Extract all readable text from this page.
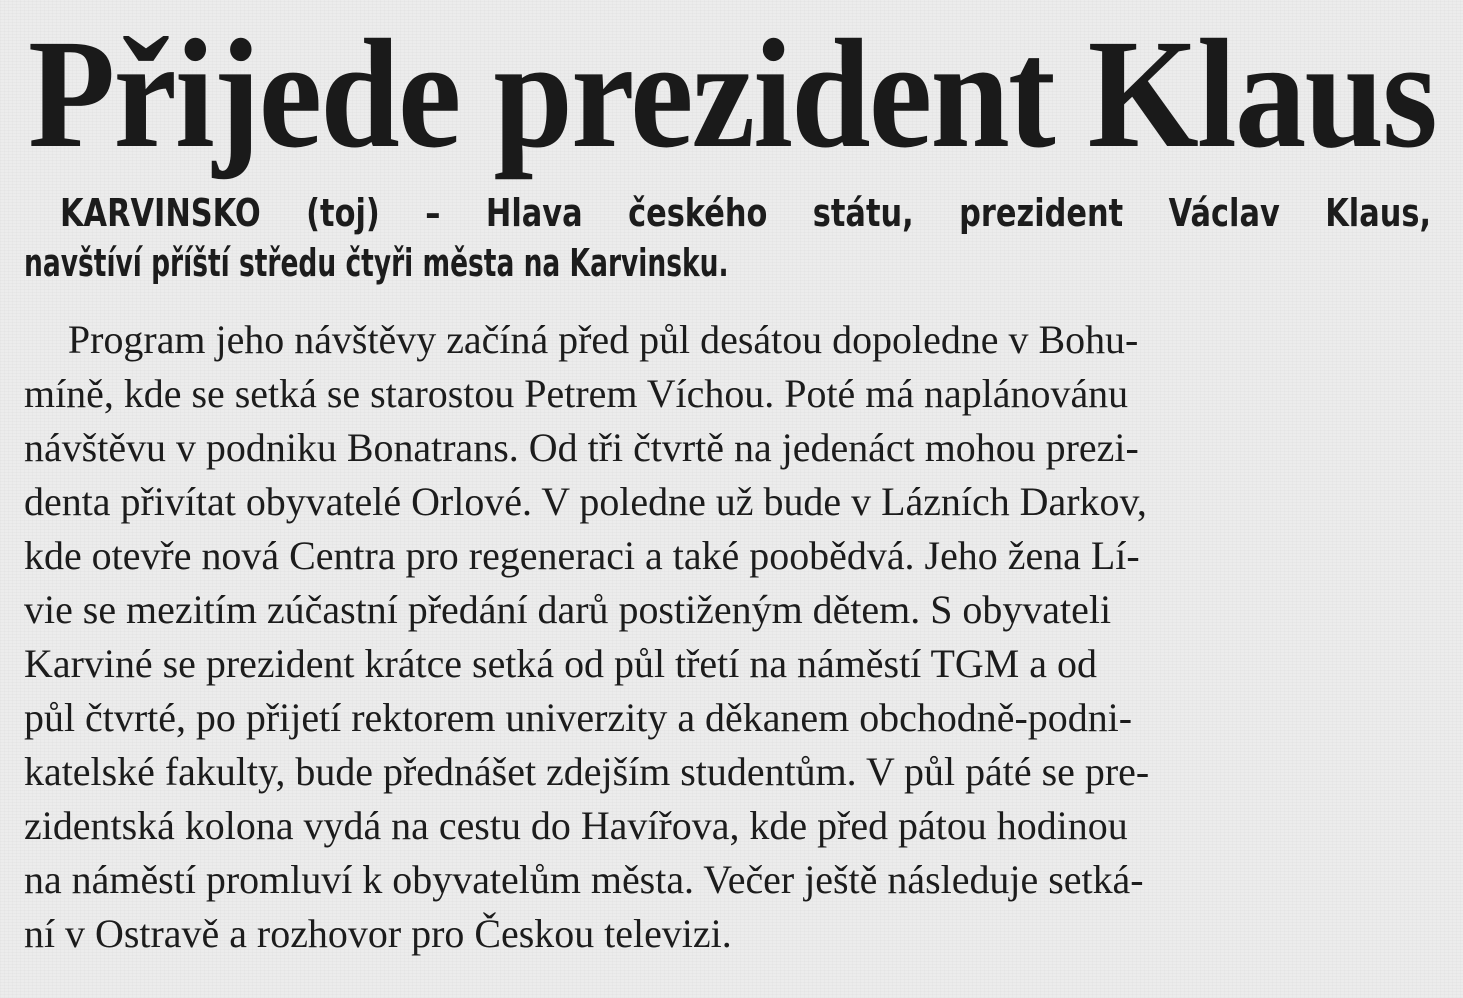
Přijede prezident Klaus
KARVINSKO (toj) – Hlava českého státu, prezident Václav Klaus,
navštíví příští středu čtyři města na Karvinsku.
Program jeho návštěvy začíná před půl desátou dopoledne v Bohu-
míně, kde se setká se starostou Petrem Víchou. Poté má naplánovánu
návštěvu v podniku Bonatrans. Od tři čtvrtě na jedenáct mohou prezi-
denta přivítat obyvatelé Orlové. V poledne už bude v Lázních Darkov,
kde otevře nová Centra pro regeneraci a také poobědvá. Jeho žena Lí-
vie se mezitím zúčastní předání darů postiženým dětem. S obyvateli
Karviné se prezident krátce setká od půl třetí na náměstí TGM a od
půl čtvrté, po přijetí rektorem univerzity a děkanem obchodně-podni-
katelské fakulty, bude přednášet zdejším studentům. V půl páté se pre-
zidentská kolona vydá na cestu do Havířova, kde před pátou hodinou
na náměstí promluví k obyvatelům města. Večer ještě následuje setká-
ní v Ostravě a rozhovor pro Českou televizi.
